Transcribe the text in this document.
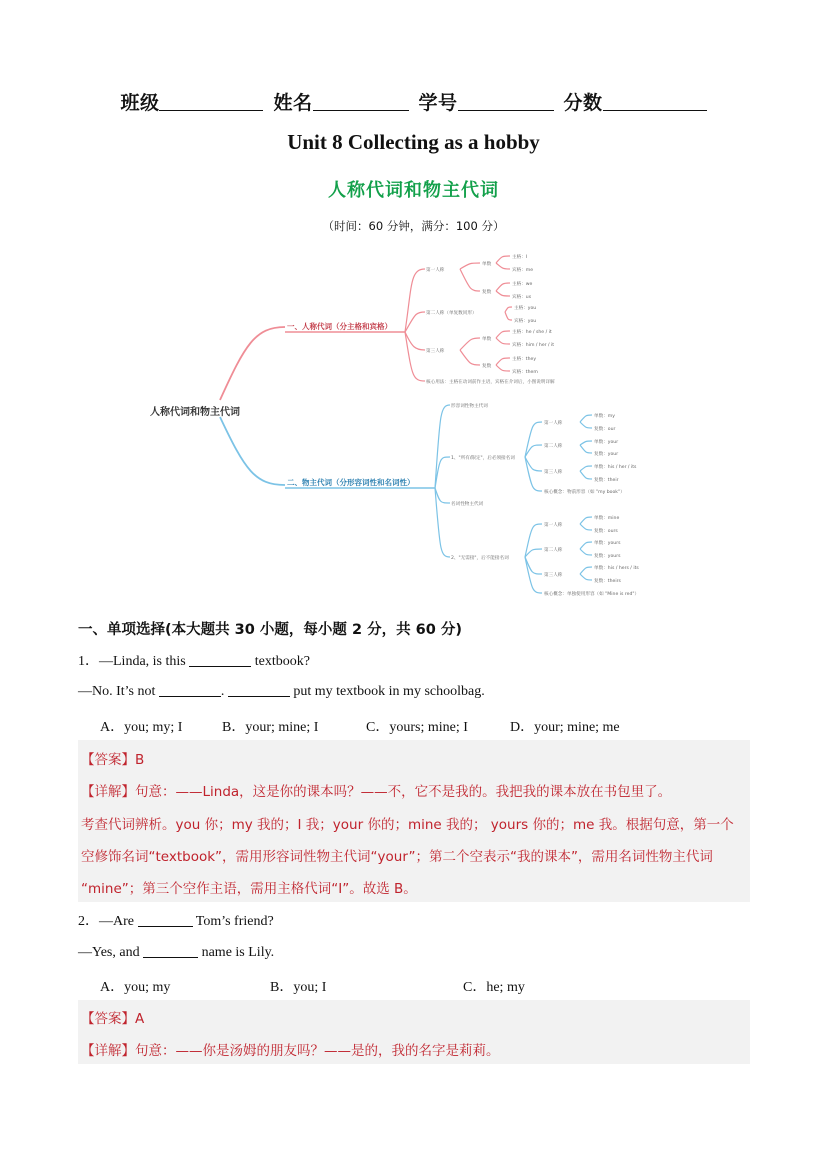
班级	姓名	学号	分数
Unit 8 Collecting as a hobby
人称代词和物主代词
（时间：60 分钟，满分：100 分）
人称代词和物主代词
一、人称代词（分主格和宾格）
二、物主代词（分形容词性和名词性）
第一人称
第二人称（单复数同形）
第三人称
核心用法：主格在动词前作主语，宾格在介词后，小图说明详解
单数
复数
单数
复数
主格：I
宾格：me
主格：we
宾格：us
主格：you
宾格：you
主格：he / she / it
宾格：him / her / it
主格：they
宾格：them
形容词性物主代词
1、"所有/限定"，后必须接名词
名词性物主代词
2、"无需接"，后不能接名词
第一人称
第二人称
第三人称
核心概念：物前形容（如 "my book"）
第一人称
第二人称
第三人称
核心概念：单独使用形容（如 "Mine is red"）
单数：my
复数：our
单数：your
复数：your
单数：his / her / its
复数：their
单数：mine
复数：ours
单数：yours
复数：yours
单数：his / hers / its
复数：theirs
一、单项选择(本大题共 30 小题，每小题 2 分，共 60 分)
1．—Linda, is this	textbook?
—No. It’s not	.	put my textbook in my schoolbag.
A．you; my; I	B．your; mine; I	C．yours; mine; I	D．your; mine; me
【答案】B
【详解】句意：——Linda，这是你的课本吗？——不，它不是我的。我把我的课本放在书包里了。
考查代词辨析。you 你；my 我的；I 我；your 你的；mine 我的； yours 你的；me 我。根据句意，第一个
空修饰名词“textbook”，需用形容词性物主代词“your”；第二个空表示“我的课本”，需用名词性物主代词
“mine”；第三个空作主语，需用主格代词“I”。故选 B。
2．—Are	Tom’s friend?
—Yes, and	name is Lily.
A．you; my	B．you; I	C．he; my
【答案】A
【详解】句意：——你是汤姆的朋友吗？——是的，我的名字是莉莉。
